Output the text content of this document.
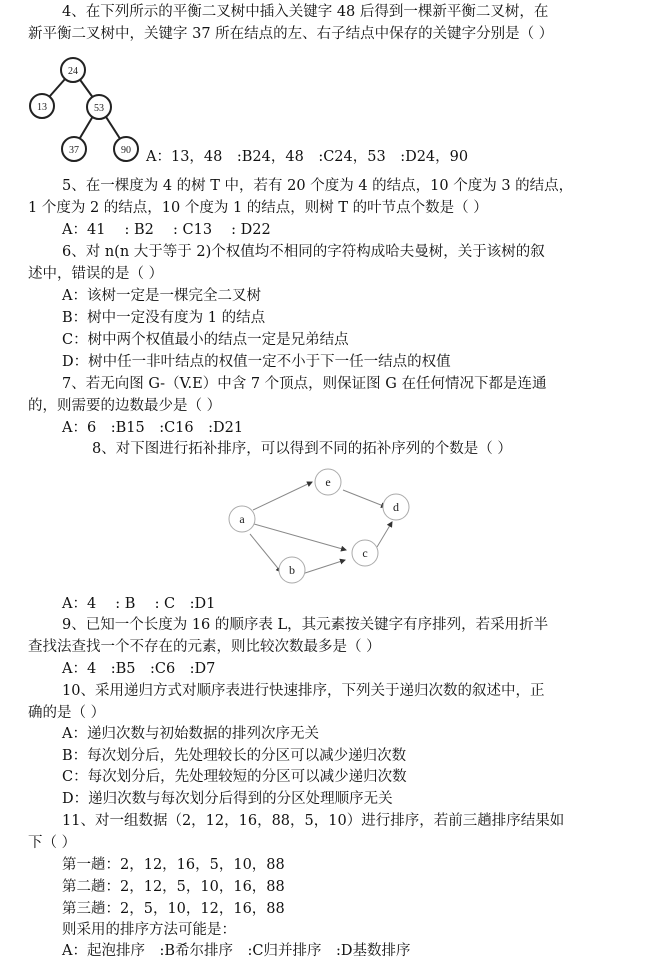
4、在下列所示的平衡二叉树中插入关键字 48 后得到一棵新平衡二叉树，在
新平衡二叉树中，关键字 37 所在结点的左、右子结点中保存的关键字分别是（ ）
24
13	53
37	90 A：13，48　:B24，48　:C24，53　:D24，90
5、在一棵度为 4 的树 T 中，若有 20 个度为 4 的结点，10 个度为 3 的结点，
1 个度为 2 的结点，10 个度为 1 的结点，则树 T 的叶节点个数是（ ）
A：41　 : B2　 : C13　 : D22
6、对 n(n 大于等于 2)个权值均不相同的字符构成哈夫曼树，关于该树的叙
述中，错误的是（ ）
A：该树一定是一棵完全二叉树
B：树中一定没有度为 1 的结点
C：树中两个权值最小的结点一定是兄弟结点
D：树中任一非叶结点的权值一定不小于下一任一结点的权值
7、若无向图 G-（V.E）中含 7 个顶点，则保证图 G 在任何情况下都是连通
的，则需要的边数最少是（ ）
A：6　:B15　:C16　:D21
8、对下图进行拓补排序，可以得到不同的拓补序列的个数是（ ）
a
b
c
d
e
A：4　 : B　 : C　:D1
9、已知一个长度为 16 的顺序表 L，其元素按关键字有序排列，若采用折半
查找法查找一个不存在的元素，则比较次数最多是（ ）
A：4　:B5　:C6　:D7
10、采用递归方式对顺序表进行快速排序，下列关于递归次数的叙述中，正
确的是（ ）
A：递归次数与初始数据的排列次序无关
B：每次划分后，先处理较长的分区可以减少递归次数
C：每次划分后，先处理较短的分区可以减少递归次数
D：递归次数与每次划分后得到的分区处理顺序无关
11、对一组数据（2，12，16，88，5，10）进行排序，若前三趟排序结果如
下（ ）
第一趟：2，12，16，5，10，88
第二趟：2，12，5，10，16，88
第三趟：2，5，10，12，16，88
则采用的排序方法可能是：
A：起泡排序　:B希尔排序　:C归并排序　:D基数排序
